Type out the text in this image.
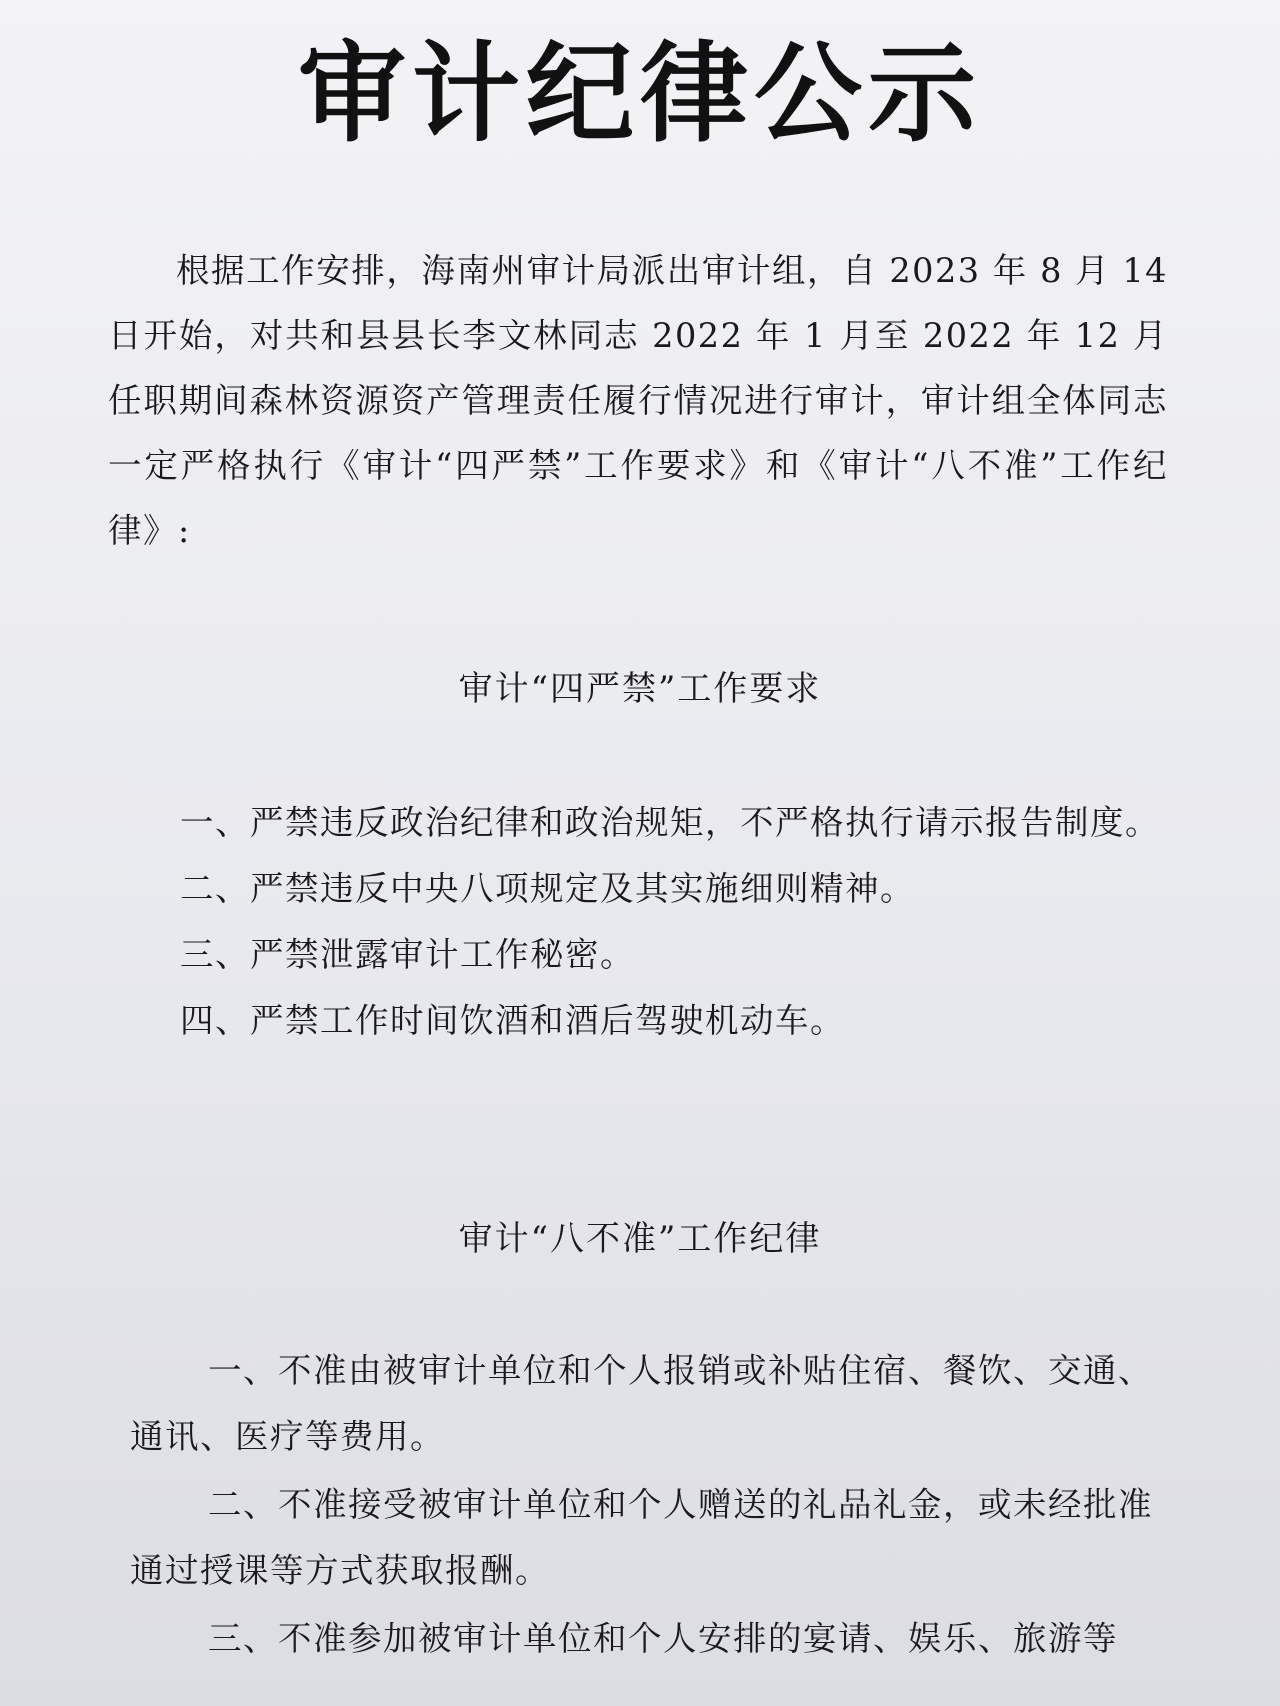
审计纪律公示

根据工作安排，海南州审计局派出审计组，自 2023 年 8 月 14 日开始，对共和县县长李文林同志 2022 年 1 月至 2022 年 12 月任职期间森林资源资产管理责任履行情况进行审计，审计组全体同志一定严格执行《审计“四严禁”工作要求》和《审计“八不准”工作纪律》:

审计“四严禁”工作要求
一、严禁违反政治纪律和政治规矩，不严格执行请示报告制度。
二、严禁违反中央八项规定及其实施细则精神。
三、严禁泄露审计工作秘密。
四、严禁工作时间饮酒和酒后驾驶机动车。
审计“八不准”工作纪律
一、不准由被审计单位和个人报销或补贴住宿、餐饮、交通、通讯、医疗等费用。
二、不准接受被审计单位和个人赠送的礼品礼金，或未经批准通过授课等方式获取报酬。
三、不准参加被审计单位和个人安排的宴请、娱乐、旅游等
